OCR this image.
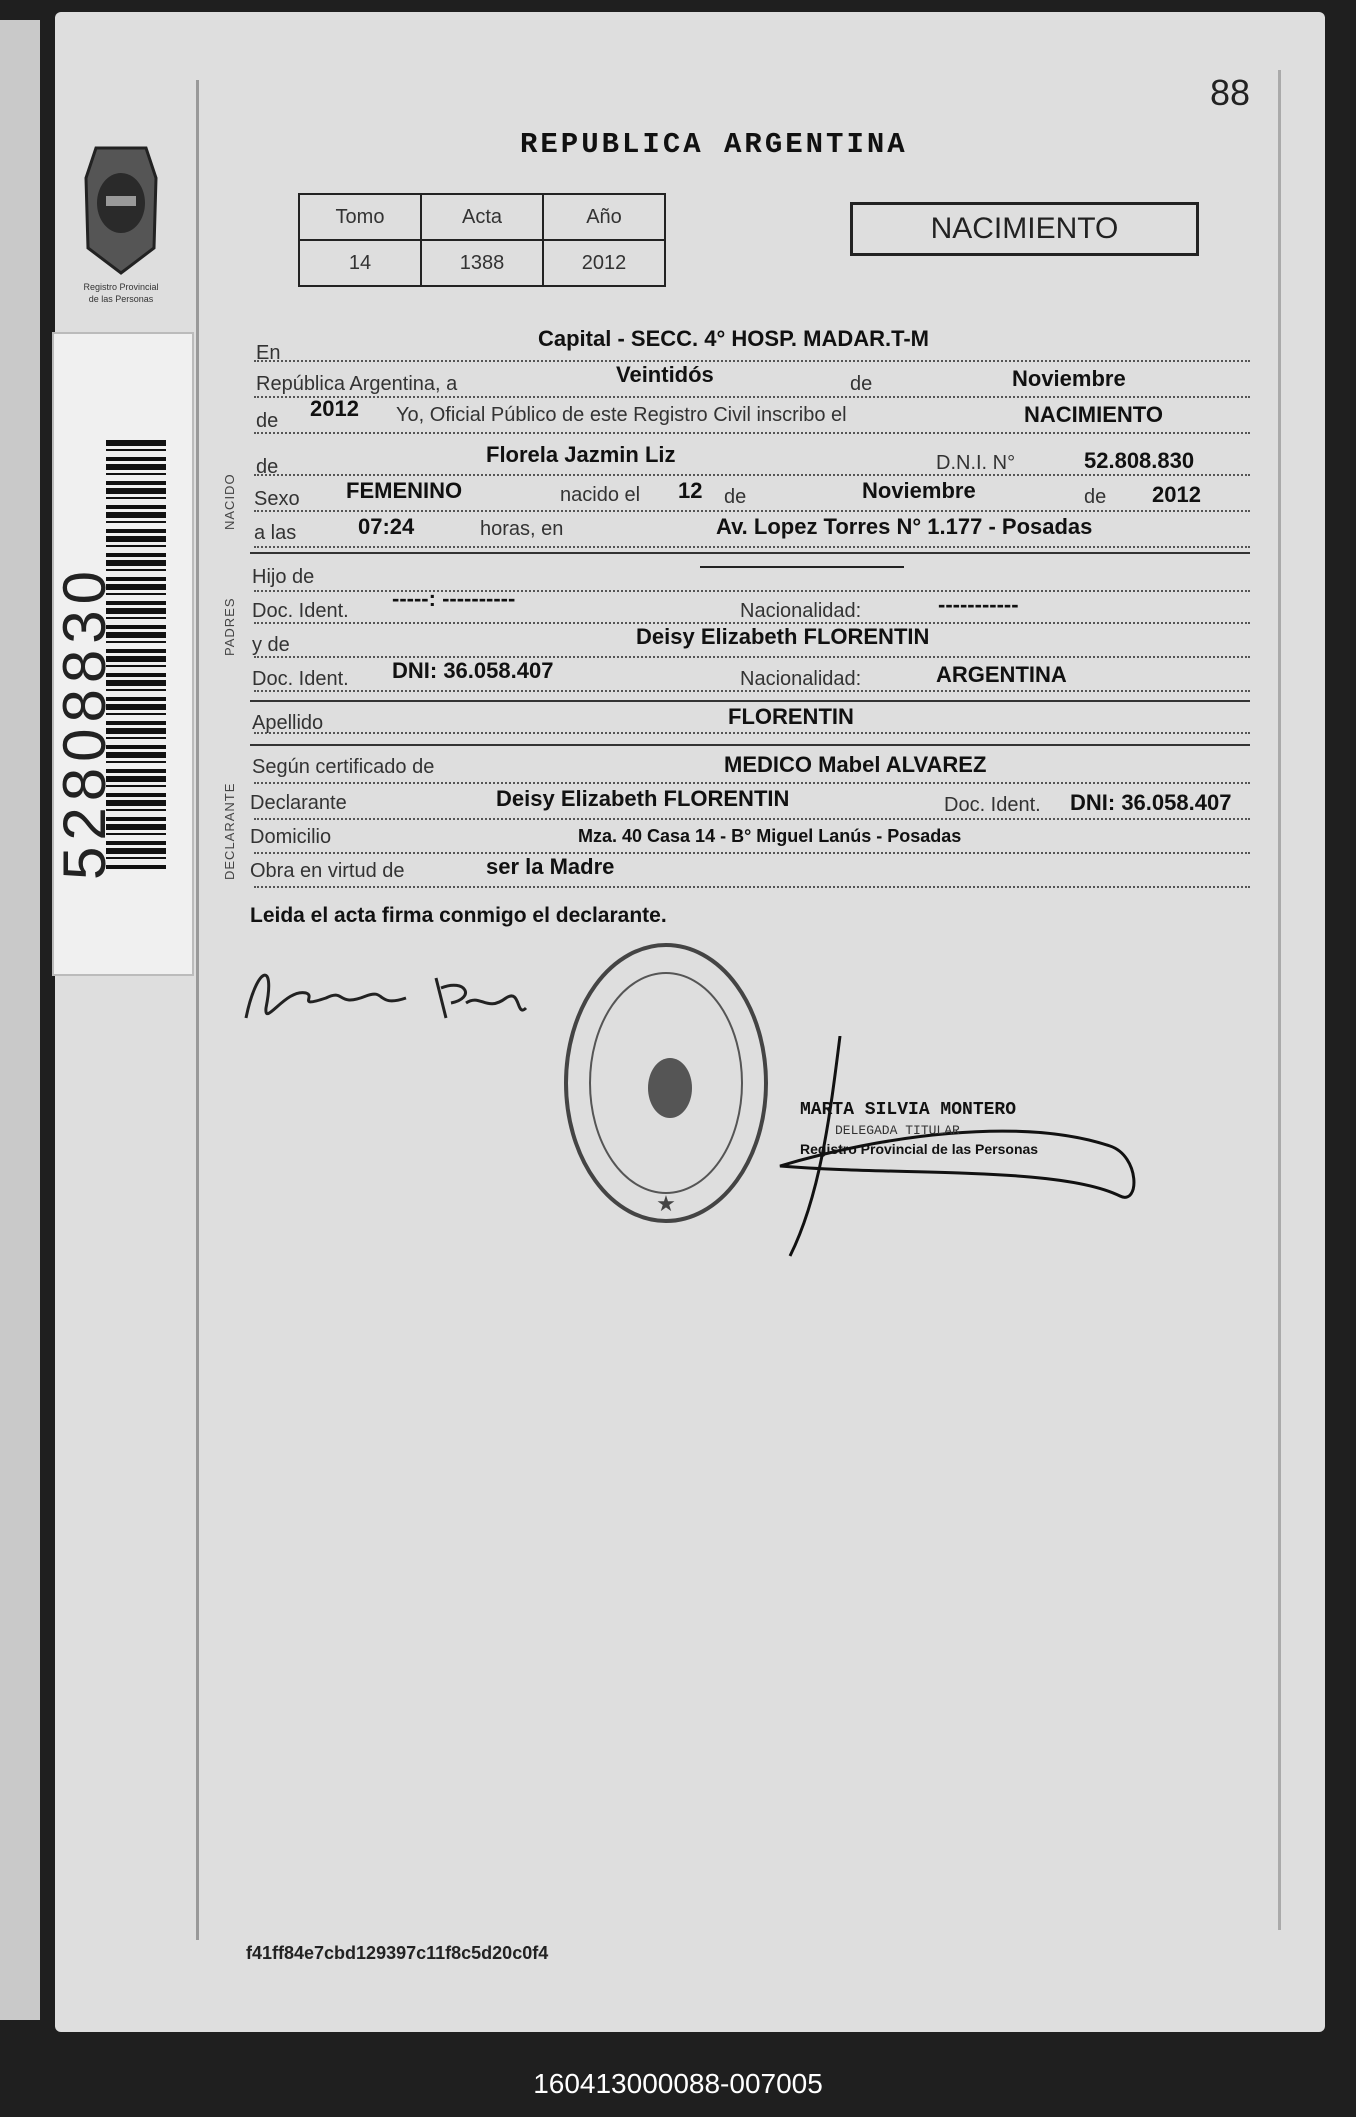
Registro Provincial
de las Personas
52808830
88
REPUBLICA ARGENTINA
Tomo	Acta	Año
14	1388	2012
NACIMIENTO
En
Capital - SECC. 4° HOSP. MADAR.T-M
República Argentina, a	Veintidós	de	Noviembre
de 2012 Yo, Oficial Público de este Registro Civil inscribo el	NACIMIENTO
NACIDO
de	Florela Jazmin Liz	D.N.I. N°	52.808.830
Sexo FEMENINO	nacido el 12 de	Noviembre	de 2012
a las	07:24	horas, en	Av. Lopez Torres N° 1.177 - Posadas
PADRES
Hijo de
Doc. Ident. -----: ----------	Nacionalidad:	-----------
y de	Deisy Elizabeth FLORENTIN
Doc. Ident. DNI: 36.058.407	Nacionalidad:	ARGENTINA
Apellido	FLORENTIN
DECLARANTE
Según certificado de	MEDICO Mabel ALVAREZ
Declarante	Deisy Elizabeth FLORENTIN	Doc. Ident. DNI: 36.058.407
Domicilio	Mza. 40 Casa 14 - B° Miguel Lanús - Posadas
Obra en virtud de	ser la Madre
Leida el acta firma conmigo el declarante.
★
MARTA SILVIA MONTERO
DELEGADA TITULAR
Registro Provincial de las Personas
f41ff84e7cbd129397c11f8c5d20c0f4
160413000088-007005
